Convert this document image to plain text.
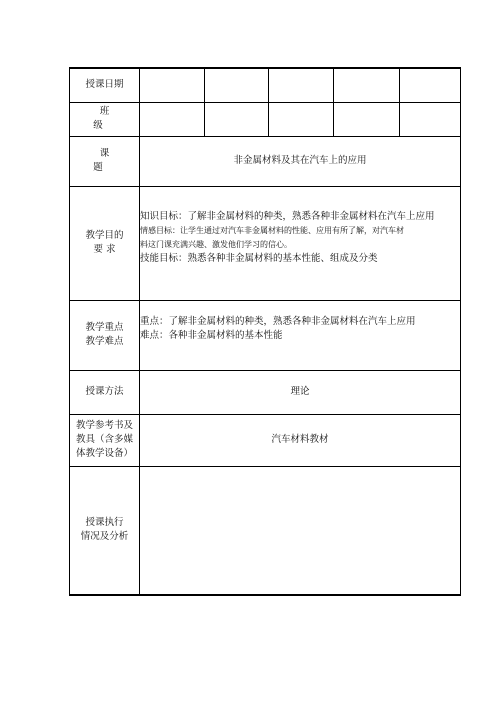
授课日期					
班 级					
课 题	非金属材料及其在汽车上的应用				

教学目的
要 求	知识目标：了解非金属材料的种类，熟悉各种非金属材料在汽车上应用
情感目标：让学生通过对汽车非金属材料的性能、应用有所了解，对汽车材
料这门课充满兴趣、激发他们学习的信心。
技能目标：熟悉各种非金属材料的基本性能、组成及分类				

教学重点
教学难点	重点：了解非金属材料的种类，熟悉各种非金属材料在汽车上应用
难点：各种非金属材料的基本性能				

授课方法	理论				

教学参考书及
教具（含多媒
体教学设备）	汽车材料教材				

授课执行
情况及分析					
